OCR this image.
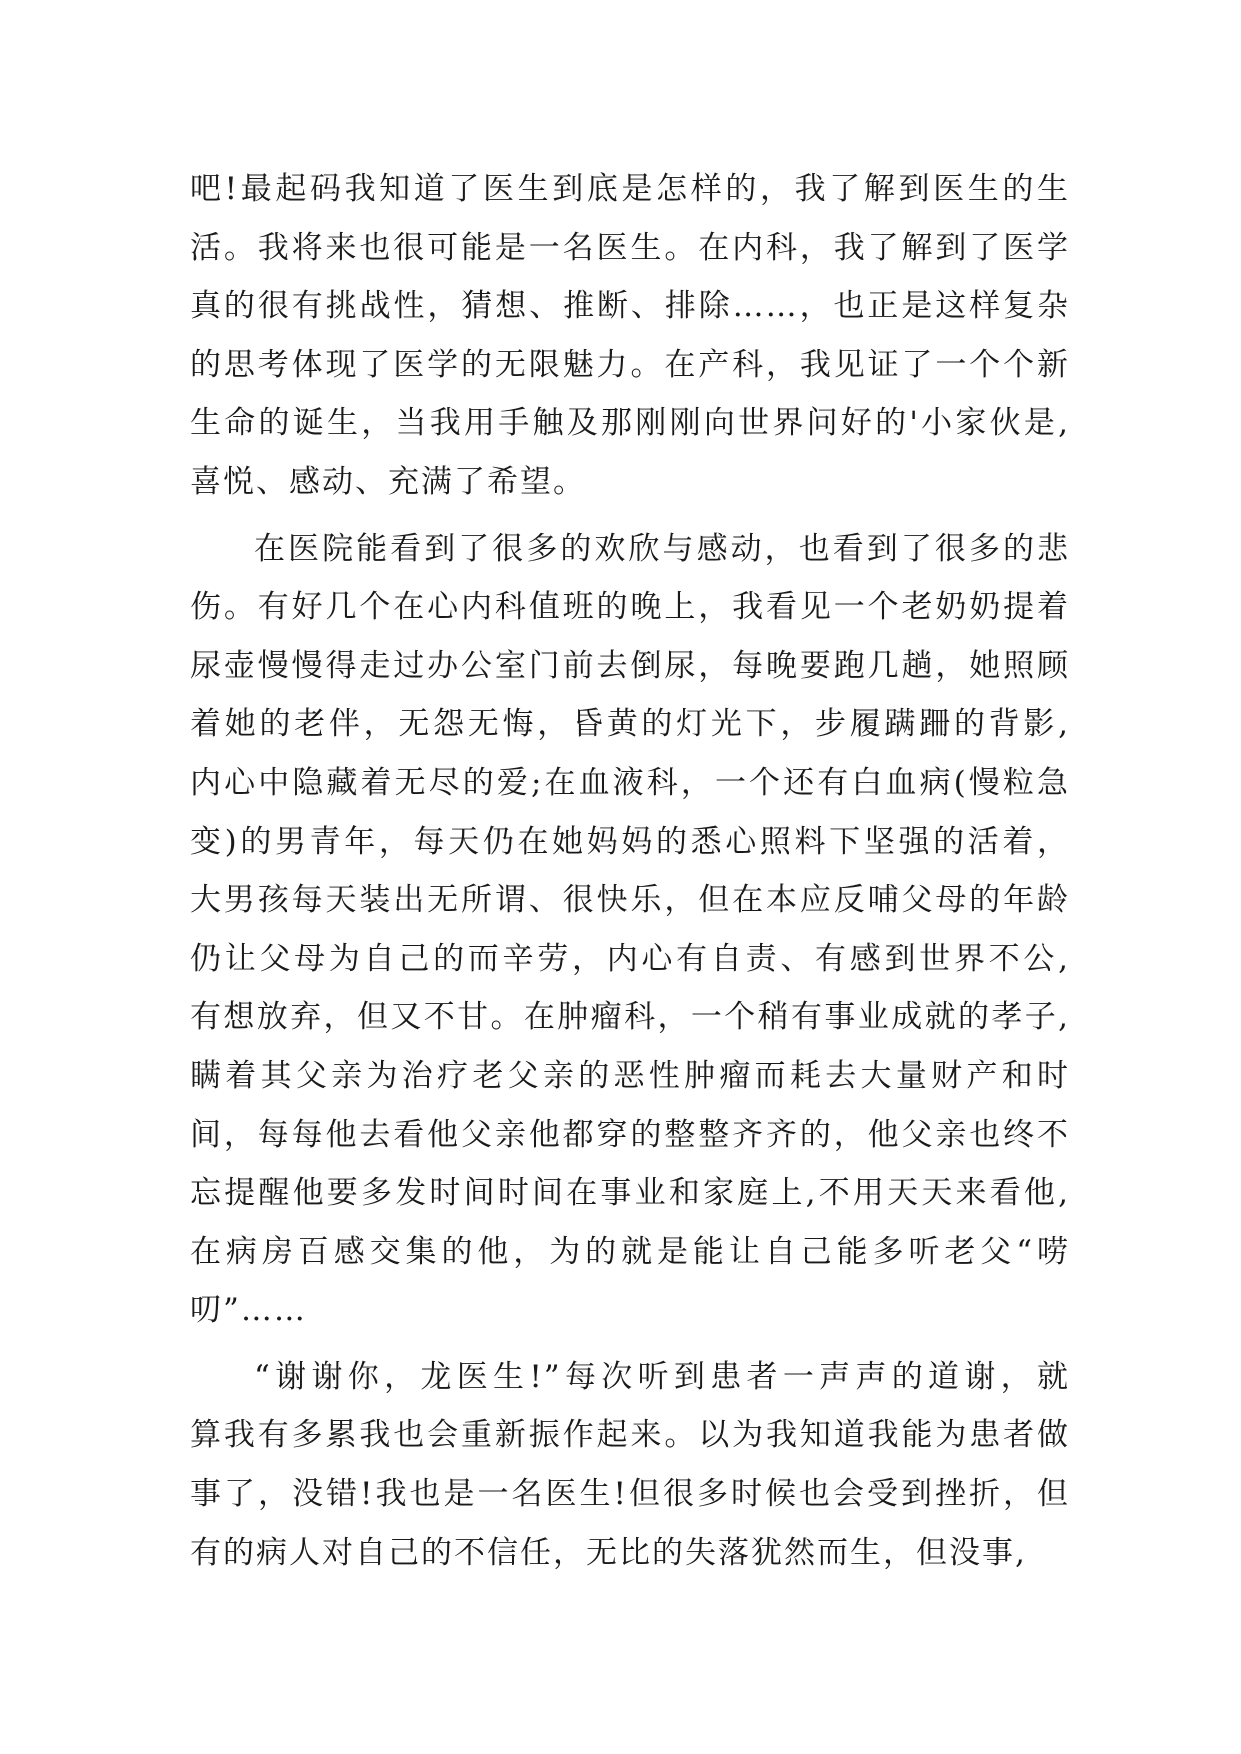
吧!最起码我知道了医生到底是怎样的，我了解到医生的生
活。我将来也很可能是一名医生。在内科，我了解到了医学
真的很有挑战性，猜想、推断、排除……，也正是这样复杂
的思考体现了医学的无限魅力。在产科，我见证了一个个新
生命的诞生，当我用手触及那刚刚向世界问好的'小家伙是,
喜悦、感动、充满了希望。
在医院能看到了很多的欢欣与感动，也看到了很多的悲
伤。有好几个在心内科值班的晚上，我看见一个老奶奶提着
尿壶慢慢得走过办公室门前去倒尿，每晚要跑几趟，她照顾
着她的老伴，无怨无悔，昏黄的灯光下，步履蹒跚的背影,
内心中隐藏着无尽的爱;在血液科，一个还有白血病(慢粒急
变)的男青年，每天仍在她妈妈的悉心照料下坚强的活着，
大男孩每天装出无所谓、很快乐，但在本应反哺父母的年龄
仍让父母为自己的而辛劳，内心有自责、有感到世界不公,
有想放弃，但又不甘。在肿瘤科，一个稍有事业成就的孝子,
瞒着其父亲为治疗老父亲的恶性肿瘤而耗去大量财产和时
间，每每他去看他父亲他都穿的整整齐齐的，他父亲也终不
忘提醒他要多发时间时间在事业和家庭上,不用天天来看他,
在病房百感交集的他，为的就是能让自己能多听老父“唠
叨”……
“谢谢你，龙医生!”每次听到患者一声声的道谢，就
算我有多累我也会重新振作起来。以为我知道我能为患者做
事了，没错!我也是一名医生!但很多时候也会受到挫折，但
有的病人对自己的不信任，无比的失落犹然而生，但没事,
